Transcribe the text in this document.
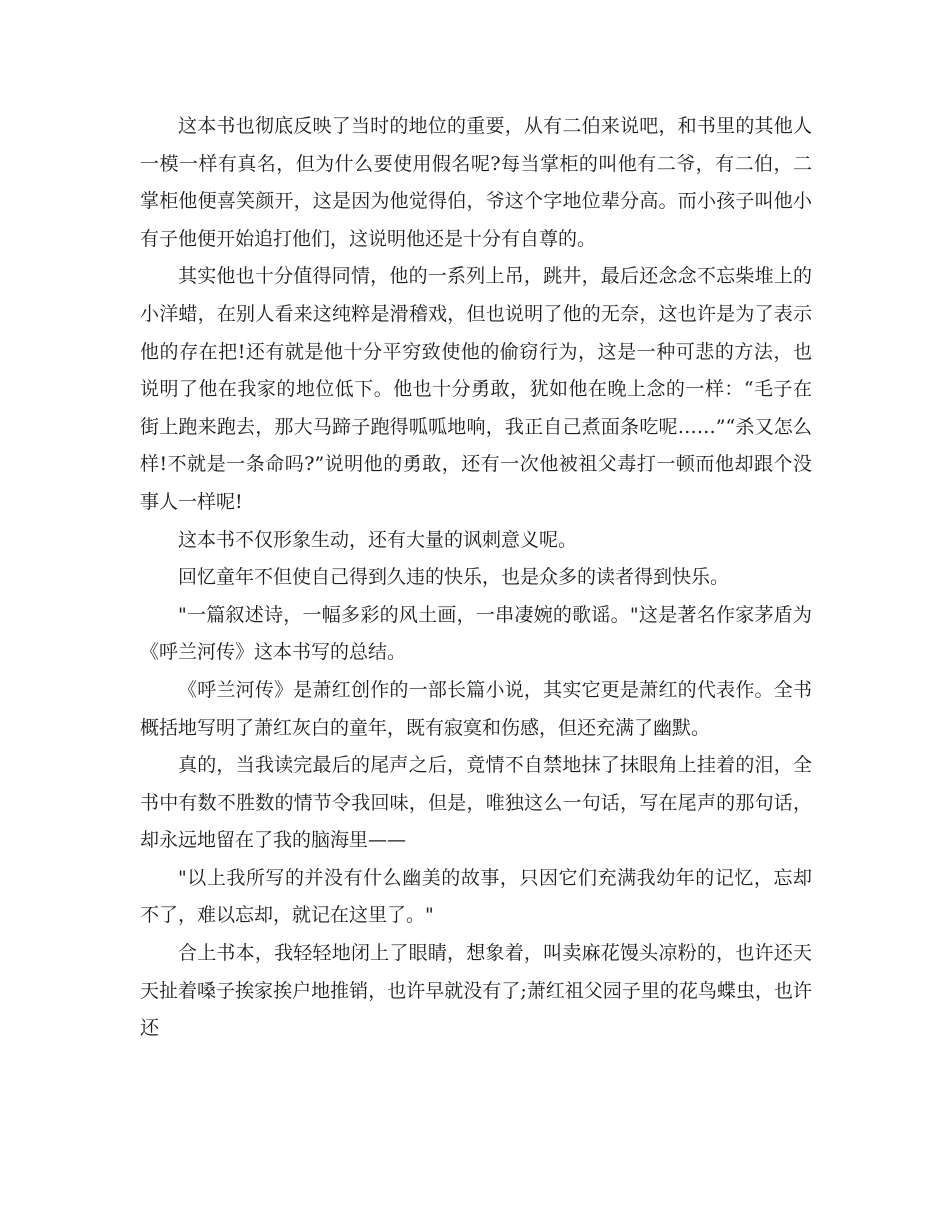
这本书也彻底反映了当时的地位的重要，从有二伯来说吧，和书里的其他人一模一样有真名，但为什么要使用假名呢?每当掌柜的叫他有二爷，有二伯，二掌柜他便喜笑颜开，这是因为他觉得伯，爷这个字地位辈分高。而小孩子叫他小有子他便开始追打他们，这说明他还是十分有自尊的。

其实他也十分值得同情，他的一系列上吊，跳井，最后还念念不忘柴堆上的小洋蜡，在别人看来这纯粹是滑稽戏，但也说明了他的无奈，这也许是为了表示他的存在把!还有就是他十分平穷致使他的偷窃行为，这是一种可悲的方法，也说明了他在我家的地位低下。他也十分勇敢，犹如他在晚上念的一样：“毛子在街上跑来跑去，那大马蹄子跑得呱呱地响，我正自己煮面条吃呢……”“杀又怎么样!不就是一条命吗?”说明他的勇敢，还有一次他被祖父毒打一顿而他却跟个没事人一样呢!

这本书不仅形象生动，还有大量的讽刺意义呢。

回忆童年不但使自己得到久违的快乐，也是众多的读者得到快乐。

"一篇叙述诗，一幅多彩的风土画，一串凄婉的歌谣。"这是著名作家茅盾为《呼兰河传》这本书写的总结。

《呼兰河传》是萧红创作的一部长篇小说，其实它更是萧红的代表作。全书概括地写明了萧红灰白的童年，既有寂寞和伤感，但还充满了幽默。

真的，当我读完最后的尾声之后，竟情不自禁地抹了抹眼角上挂着的泪，全书中有数不胜数的情节令我回味，但是，唯独这么一句话，写在尾声的那句话，却永远地留在了我的脑海里——

"以上我所写的并没有什么幽美的故事，只因它们充满我幼年的记忆，忘却不了，难以忘却，就记在这里了。"

合上书本，我轻轻地闭上了眼睛，想象着，叫卖麻花馒头凉粉的，也许还天天扯着嗓子挨家挨户地推销，也许早就没有了;萧红祖父园子里的花鸟蝶虫，也许还
